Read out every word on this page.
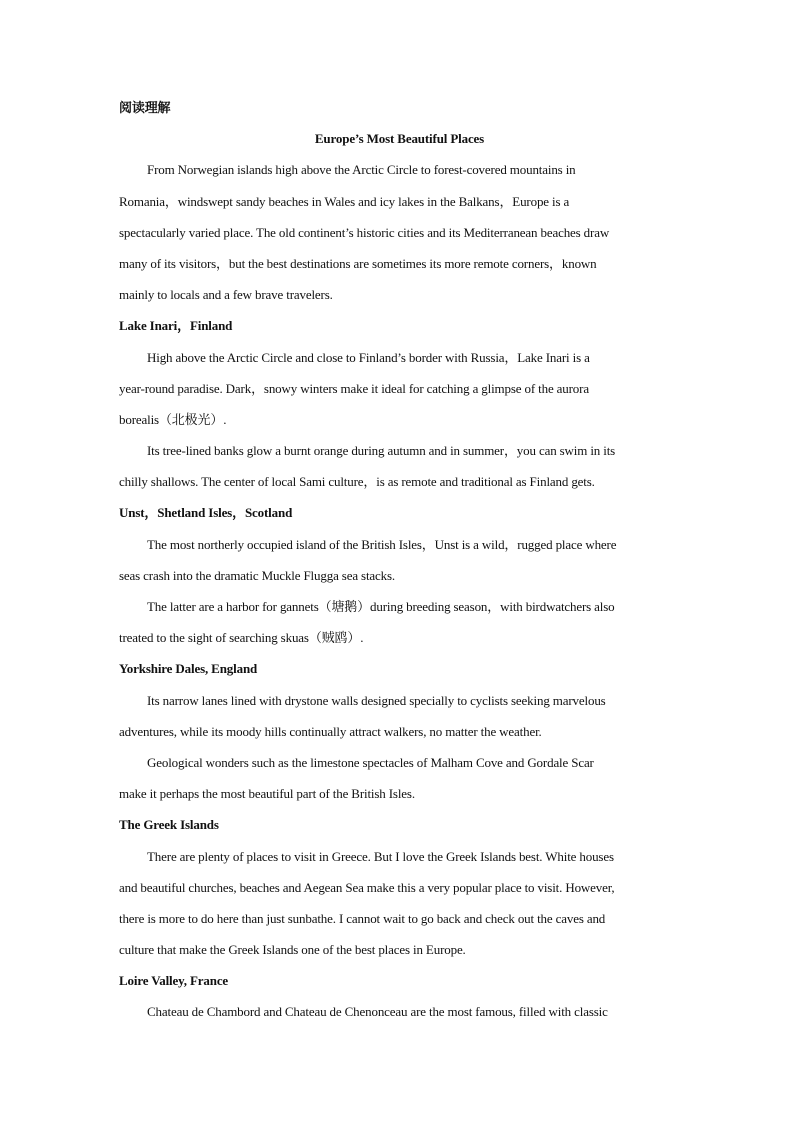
阅读理解
Europe’s Most Beautiful Places
From Norwegian islands high above the Arctic Circle to forest-covered mountains in
Romania，windswept sandy beaches in Wales and icy lakes in the Balkans，Europe is a
spectacularly varied place. The old continent’s historic cities and its Mediterranean beaches draw
many of its visitors，but the best destinations are sometimes its more remote corners，known
mainly to locals and a few brave travelers.
Lake Inari，Finland
High above the Arctic Circle and close to Finland’s border with Russia，Lake Inari is a
year-round paradise. Dark，snowy winters make it ideal for catching a glimpse of the aurora
borealis（北极光）.
Its tree-lined banks glow a burnt orange during autumn and in summer，you can swim in its
chilly shallows. The center of local Sami culture，is as remote and traditional as Finland gets.
Unst，Shetland Isles，Scotland
The most northerly occupied island of the British Isles，Unst is a wild，rugged place where
seas crash into the dramatic Muckle Flugga sea stacks.
The latter are a harbor for gannets（塘鹅）during breeding season，with birdwatchers also
treated to the sight of searching skuas（贼鸥）.
Yorkshire Dales, England
Its narrow lanes lined with drystone walls designed specially to cyclists seeking marvelous
adventures, while its moody hills continually attract walkers, no matter the weather.
Geological wonders such as the limestone spectacles of Malham Cove and Gordale Scar
make it perhaps the most beautiful part of the British Isles.
The Greek Islands
There are plenty of places to visit in Greece. But I love the Greek Islands best. White houses
and beautiful churches, beaches and Aegean Sea make this a very popular place to visit. However,
there is more to do here than just sunbathe. I cannot wait to go back and check out the caves and
culture that make the Greek Islands one of the best places in Europe.
Loire Valley, France
Chateau de Chambord and Chateau de Chenonceau are the most famous, filled with classic
